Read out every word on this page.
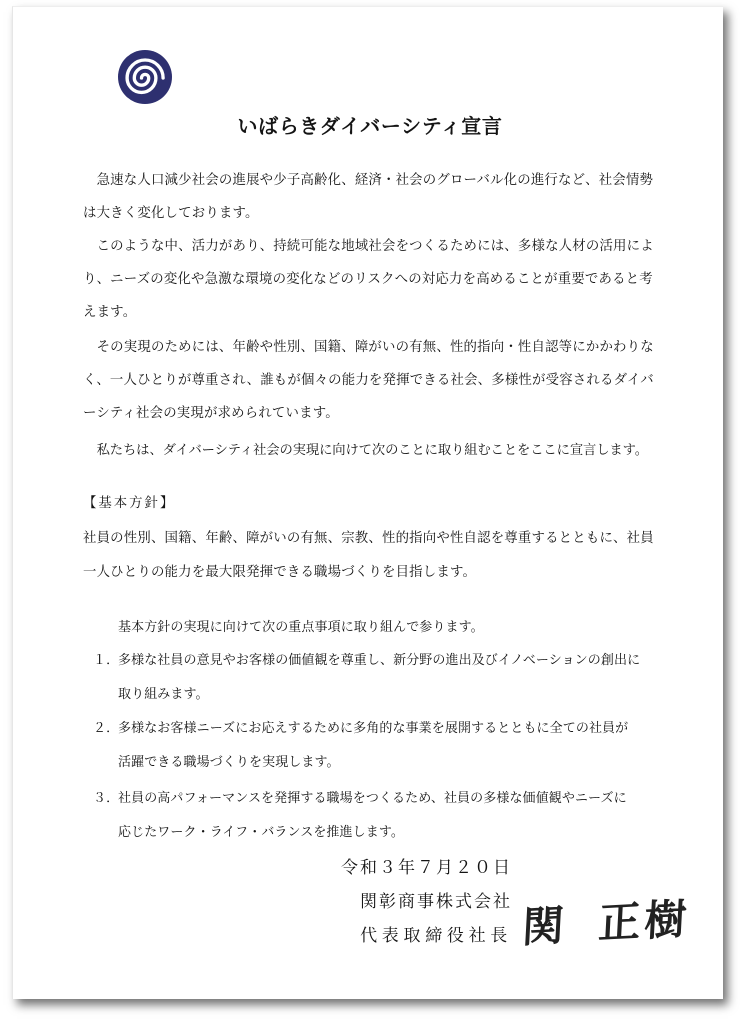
いばらきダイバーシティ宣言
急速な人口減少社会の進展や少子高齢化、経済・社会のグローバル化の進行など、社会情勢
は大きく変化しております。
このような中、活力があり、持続可能な地域社会をつくるためには、多様な人材の活用によ
り、ニーズの変化や急激な環境の変化などのリスクへの対応力を高めることが重要であると考
えます。
その実現のためには、年齢や性別、国籍、障がいの有無、性的指向・性自認等にかかわりな
く、一人ひとりが尊重され、誰もが個々の能力を発揮できる社会、多様性が受容されるダイバ
ーシティ社会の実現が求められています。
私たちは、ダイバーシティ社会の実現に向けて次のことに取り組むことをここに宣言します。
【基本方針】
社員の性別、国籍、年齢、障がいの有無、宗教、性的指向や性自認を尊重するとともに、社員
一人ひとりの能力を最大限発揮できる職場づくりを目指します。
基本方針の実現に向けて次の重点事項に取り組んで参ります。
１．
多様な社員の意見やお客様の価値観を尊重し、新分野の進出及びイノベーションの創出に
取り組みます。
２．
多様なお客様ニーズにお応えするために多角的な事業を展開するとともに全ての社員が
活躍できる職場づくりを実現します。
３．
社員の高パフォーマンスを発揮する職場をつくるため、社員の多様な価値観やニーズに
応じたワーク・ライフ・バランスを推進します。
令和３年７月２０日
関彰商事株式会社
代表取締役社長 関 正樹
